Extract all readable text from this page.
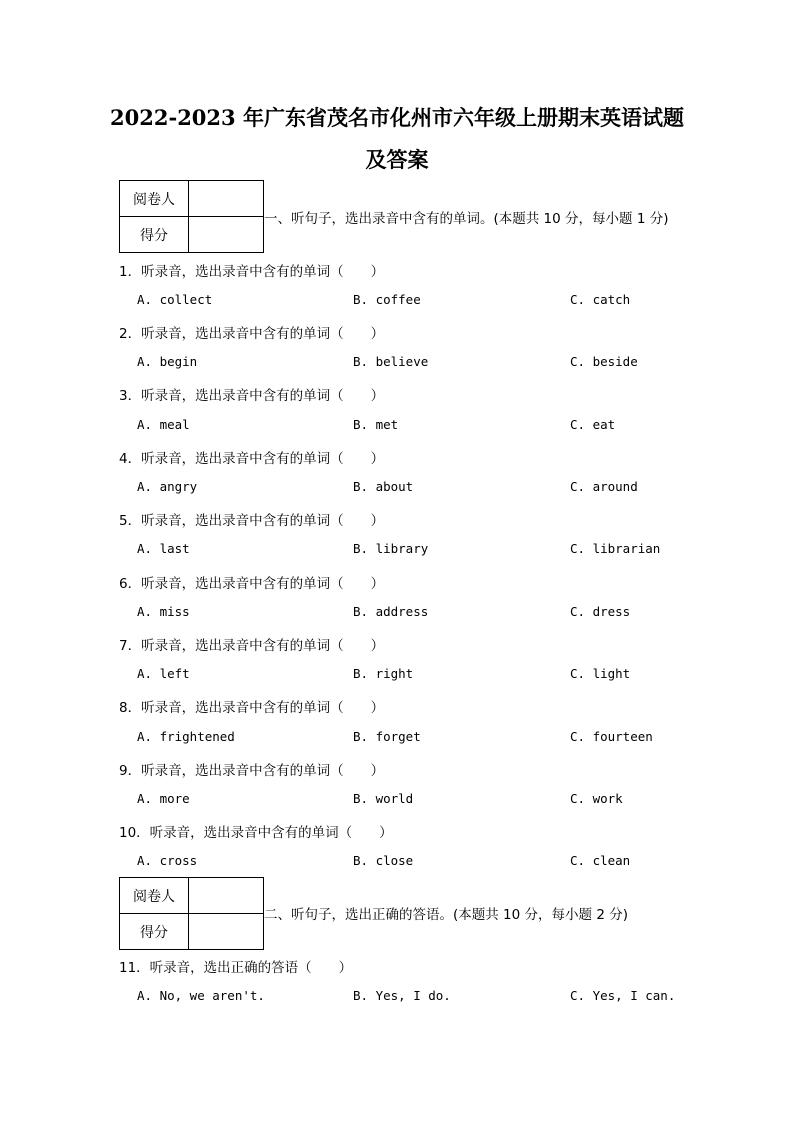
2022-2023 年广东省茂名市化州市六年级上册期末英语试题
及答案
阅卷人	
得分	
一、听句子，选出录音中含有的单词。(本题共 10 分，每小题 1 分)
1．听录音，选出录音中含有的单词（　　）
A. collect	B. coffee	C. catch
2．听录音，选出录音中含有的单词（　　）
A. begin	B. believe	C. beside
3．听录音，选出录音中含有的单词（　　）
A. meal	B. met	C. eat
4．听录音，选出录音中含有的单词（　　）
A. angry	B. about	C. around
5．听录音，选出录音中含有的单词（　　）
A. last	B. library	C. librarian
6．听录音，选出录音中含有的单词（　　）
A. miss	B. address	C. dress
7．听录音，选出录音中含有的单词（　　）
A. left	B. right	C. light
8．听录音，选出录音中含有的单词（　　）
A. frightened	B. forget	C. fourteen
9．听录音，选出录音中含有的单词（　　）
A. more	B. world	C. work
10．听录音，选出录音中含有的单词（　　）
A. cross	B. close	C. clean
阅卷人	
得分	
二、听句子，选出正确的答语。(本题共 10 分，每小题 2 分)
11．听录音，选出正确的答语（　　）
A. No, we aren't.	B. Yes, I do.	C. Yes, I can.
